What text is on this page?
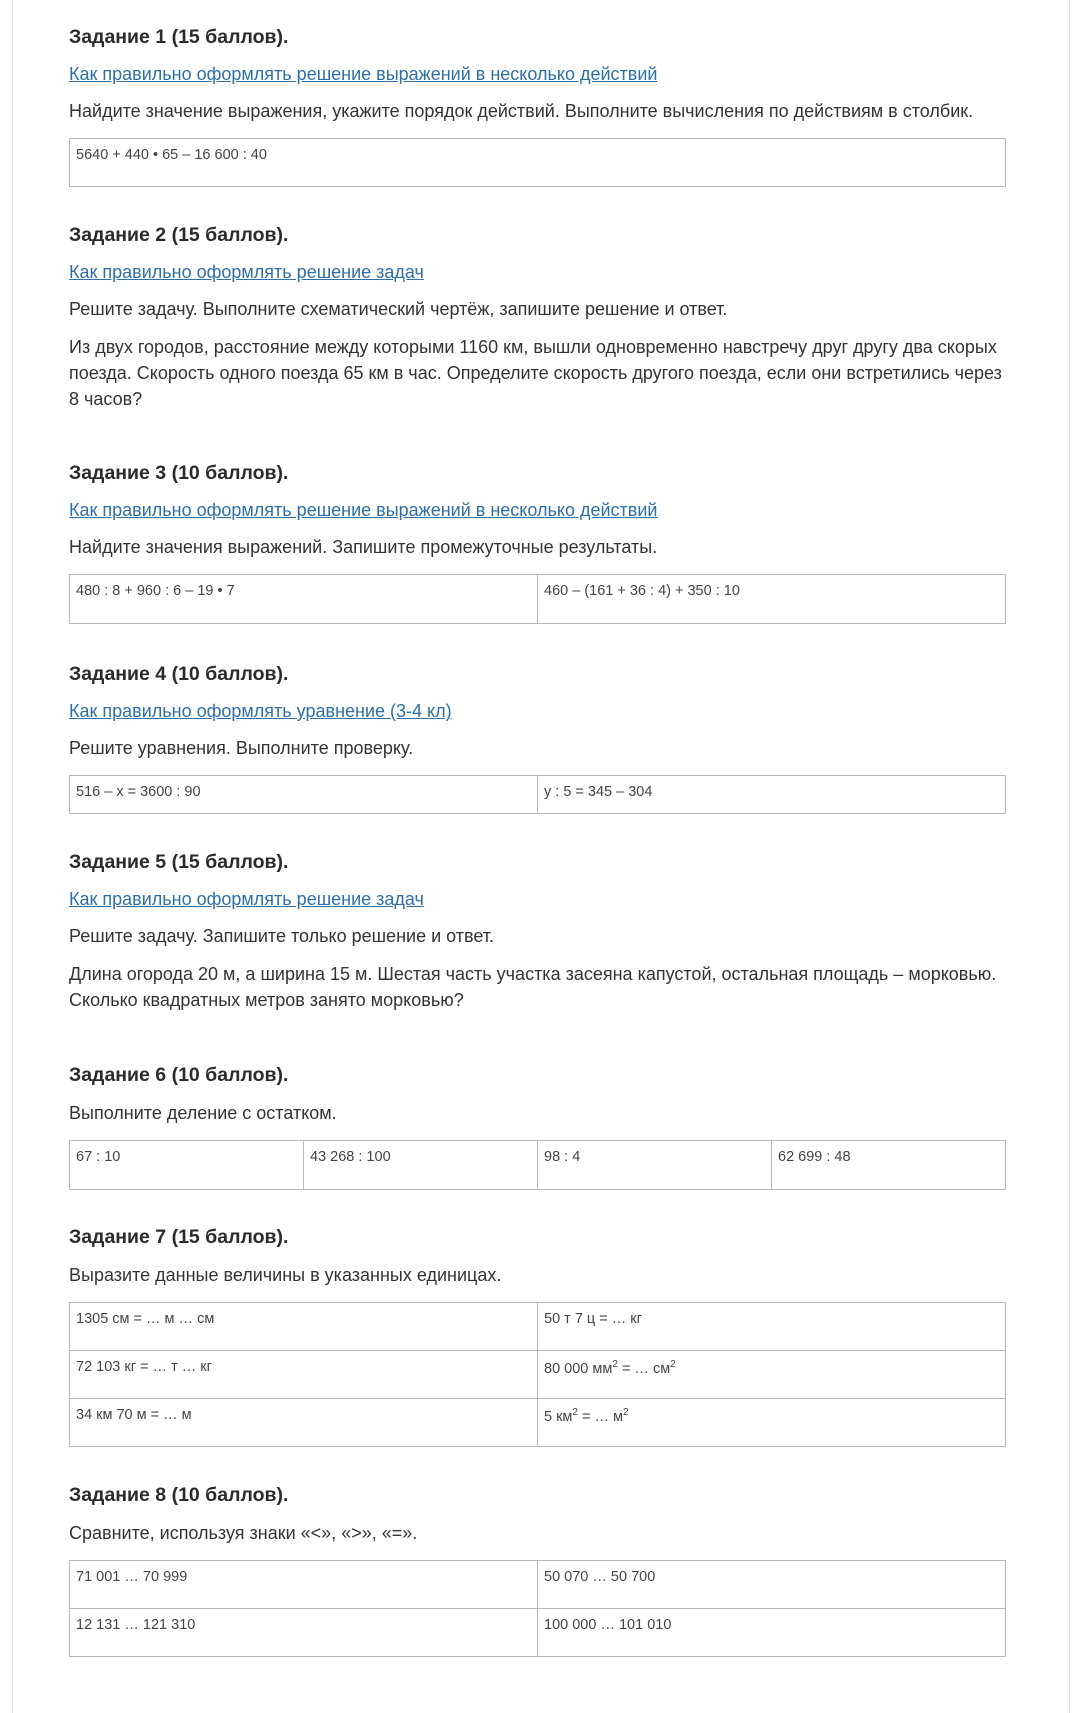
Задание 1 (15 баллов).
Как правильно оформлять решение выражений в несколько действий

Найдите значение выражения, укажите порядок действий. Выполните вычисления по действиям в столбик.

5640 + 440 • 65 – 16 600 : 40
Задание 2 (15 баллов).
Как правильно оформлять решение задач

Решите задачу. Выполните схематический чертёж, запишите решение и ответ.

Из двух городов, расстояние между которыми 1160 км, вышли одновременно навстречу друг другу два скорых поезда. Скорость одного поезда 65 км в час. Определите скорость другого поезда, если они встретились через 8 часов?

Задание 3 (10 баллов).
Как правильно оформлять решение выражений в несколько действий

Найдите значения выражений. Запишите промежуточные результаты.

480 : 8 + 960 : 6 – 19 • 7	460 – (161 + 36 : 4) + 350 : 10
Задание 4 (10 баллов).
Как правильно оформлять уравнение (3-4 кл)

Решите уравнения. Выполните проверку.

516 – x = 3600 : 90	y : 5 = 345 – 304
Задание 5 (15 баллов).
Как правильно оформлять решение задач

Решите задачу. Запишите только решение и ответ.

Длина огорода 20 м, а ширина 15 м. Шестая часть участка засеяна капустой, остальная площадь – морковью. Сколько квадратных метров занято морковью?

Задание 6 (10 баллов).

Выполните деление с остатком.

67 : 10	43 268 : 100	98 : 4	62 699 : 48
Задание 7 (15 баллов).

Выразите данные величины в указанных единицах.

1305 см = … м … см	50 т 7 ц = … кг
72 103 кг = … т … кг	80 000 $мм^2$ = … $см^2$
34 км 70 м = … м	5 $км^2$ = … $м^2$
Задание 8 (10 баллов).

Сравните, используя знаки «<», «>», «=».

71 001 … 70 999	50 070 … 50 700
12 131 … 121 310	100 000 … 101 010
